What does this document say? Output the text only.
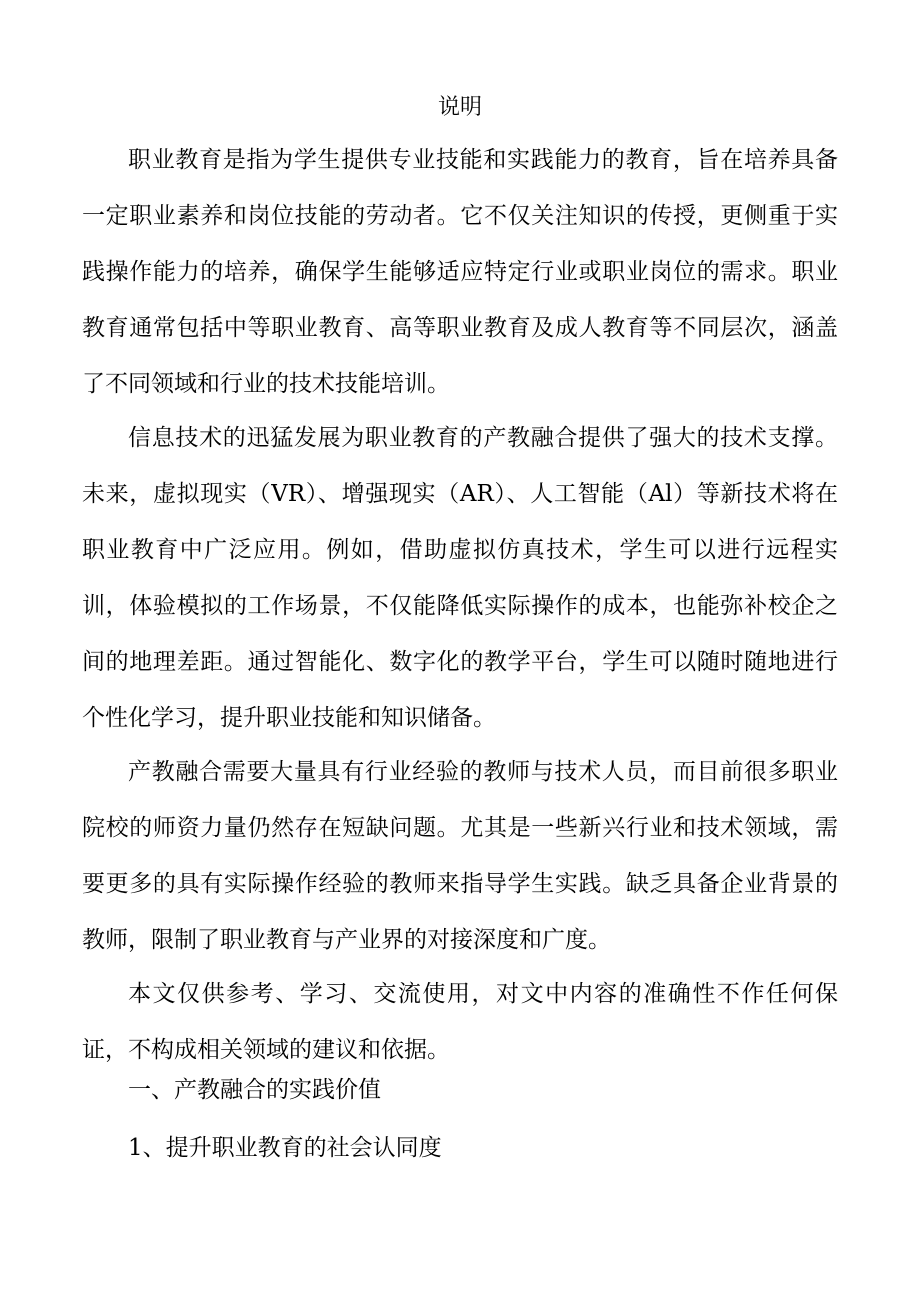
说明

职业教育是指为学生提供专业技能和实践能力的教育，旨在培养具备一定职业素养和岗位技能的劳动者。它不仅关注知识的传授，更侧重于实践操作能力的培养，确保学生能够适应特定行业或职业岗位的需求。职业教育通常包括中等职业教育、高等职业教育及成人教育等不同层次，涵盖了不同领域和行业的技术技能培训。

信息技术的迅猛发展为职业教育的产教融合提供了强大的技术支撑。未来，虚拟现实（VR）、增强现实（AR）、人工智能（Al）等新技术将在职业教育中广泛应用。例如，借助虚拟仿真技术，学生可以进行远程实训，体验模拟的工作场景，不仅能降低实际操作的成本，也能弥补校企之间的地理差距。通过智能化、数字化的教学平台，学生可以随时随地进行个性化学习，提升职业技能和知识储备。

产教融合需要大量具有行业经验的教师与技术人员，而目前很多职业院校的师资力量仍然存在短缺问题。尤其是一些新兴行业和技术领域，需要更多的具有实际操作经验的教师来指导学生实践。缺乏具备企业背景的教师，限制了职业教育与产业界的对接深度和广度。

本文仅供参考、学习、交流使用，对文中内容的准确性不作任何保证，不构成相关领域的建议和依据。

一、产教融合的实践价值

1、提升职业教育的社会认同度
